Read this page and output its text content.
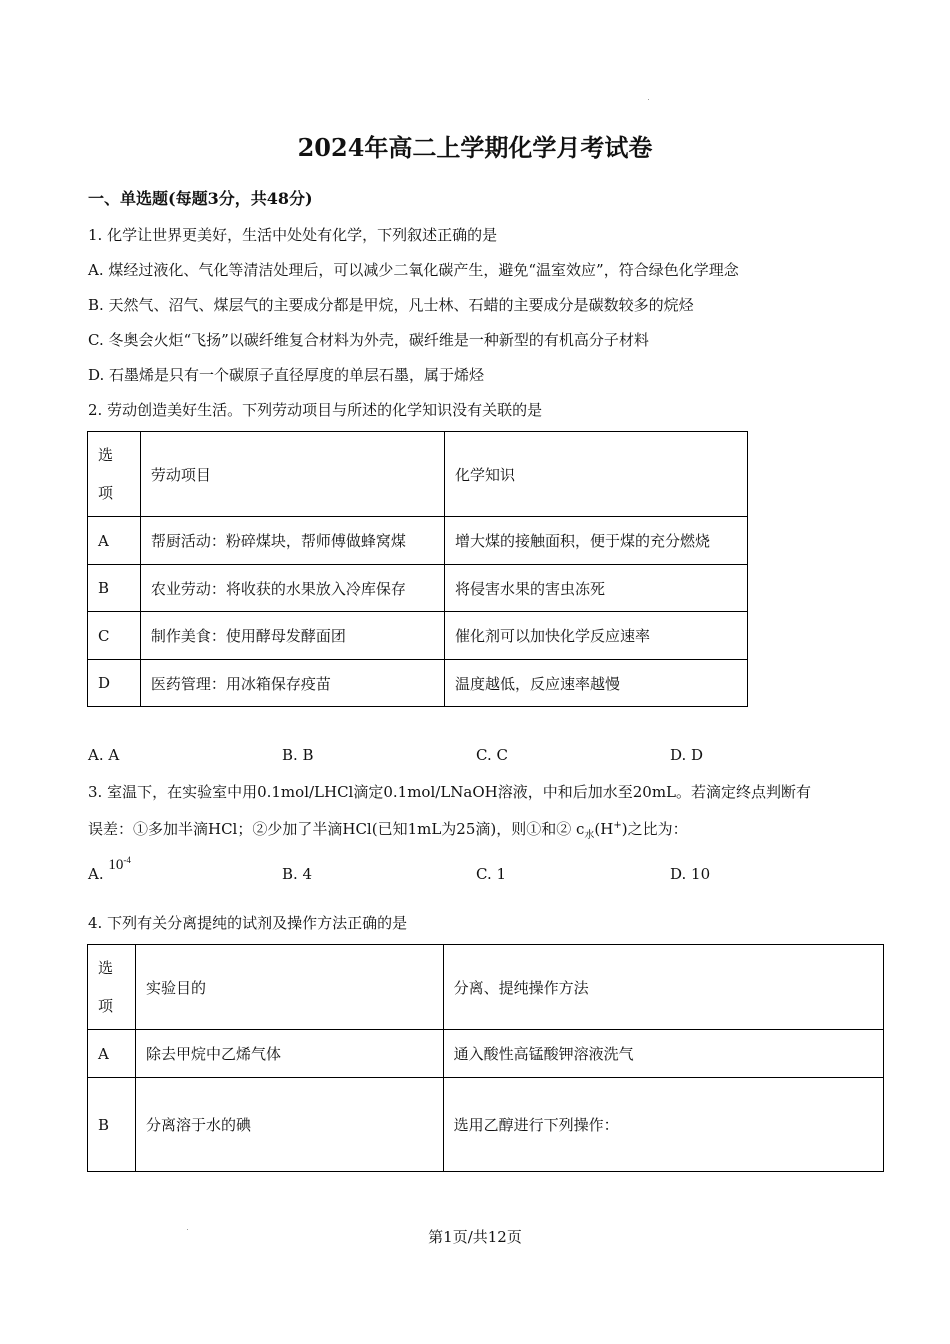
2024年高二上学期化学月考试卷
一、单选题(每题3分，共48分)
1. 化学让世界更美好，生活中处处有化学，下列叙述正确的是
A. 煤经过液化、气化等清洁处理后，可以减少二氧化碳产生，避免“温室效应”，符合绿色化学理念
B. 天然气、沼气、煤层气的主要成分都是甲烷，凡士林、石蜡的主要成分是碳数较多的烷烃
C. 冬奥会火炬“飞扬”以碳纤维复合材料为外壳，碳纤维是一种新型的有机高分子材料
D. 石墨烯是只有一个碳原子直径厚度的单层石墨，属于烯烃
2. 劳动创造美好生活。下列劳动项目与所述的化学知识没有关联的是
选
项	劳动项目	化学知识
A	帮厨活动：粉碎煤块，帮师傅做蜂窝煤	增大煤的接触面积，便于煤的充分燃烧
B	农业劳动：将收获的水果放入冷库保存	将侵害水果的害虫冻死
C	制作美食：使用酵母发酵面团	催化剂可以加快化学反应速率
D	医药管理：用冰箱保存疫苗	温度越低，反应速率越慢
A. A	B. B	C. C	D. D
3. 室温下，在实验室中用0.1mol/LHCl滴定0.1mol/LNaOH溶液，中和后加水至20mL。若滴定终点判断有
误差：①多加半滴HCl；②少加了半滴HCl(已知1mL为25滴)，则①和② $c_水(H^+)$之比为：
A. $10^{-4}$
B. 4	C. 1	D. 10
4. 下列有关分离提纯的试剂及操作方法正确的是
选
项	实验目的	分离、提纯操作方法
A	除去甲烷中乙烯气体	通入酸性高锰酸钾溶液洗气
B	分离溶于水的碘	选用乙醇进行下列操作：
第1页/共12页
